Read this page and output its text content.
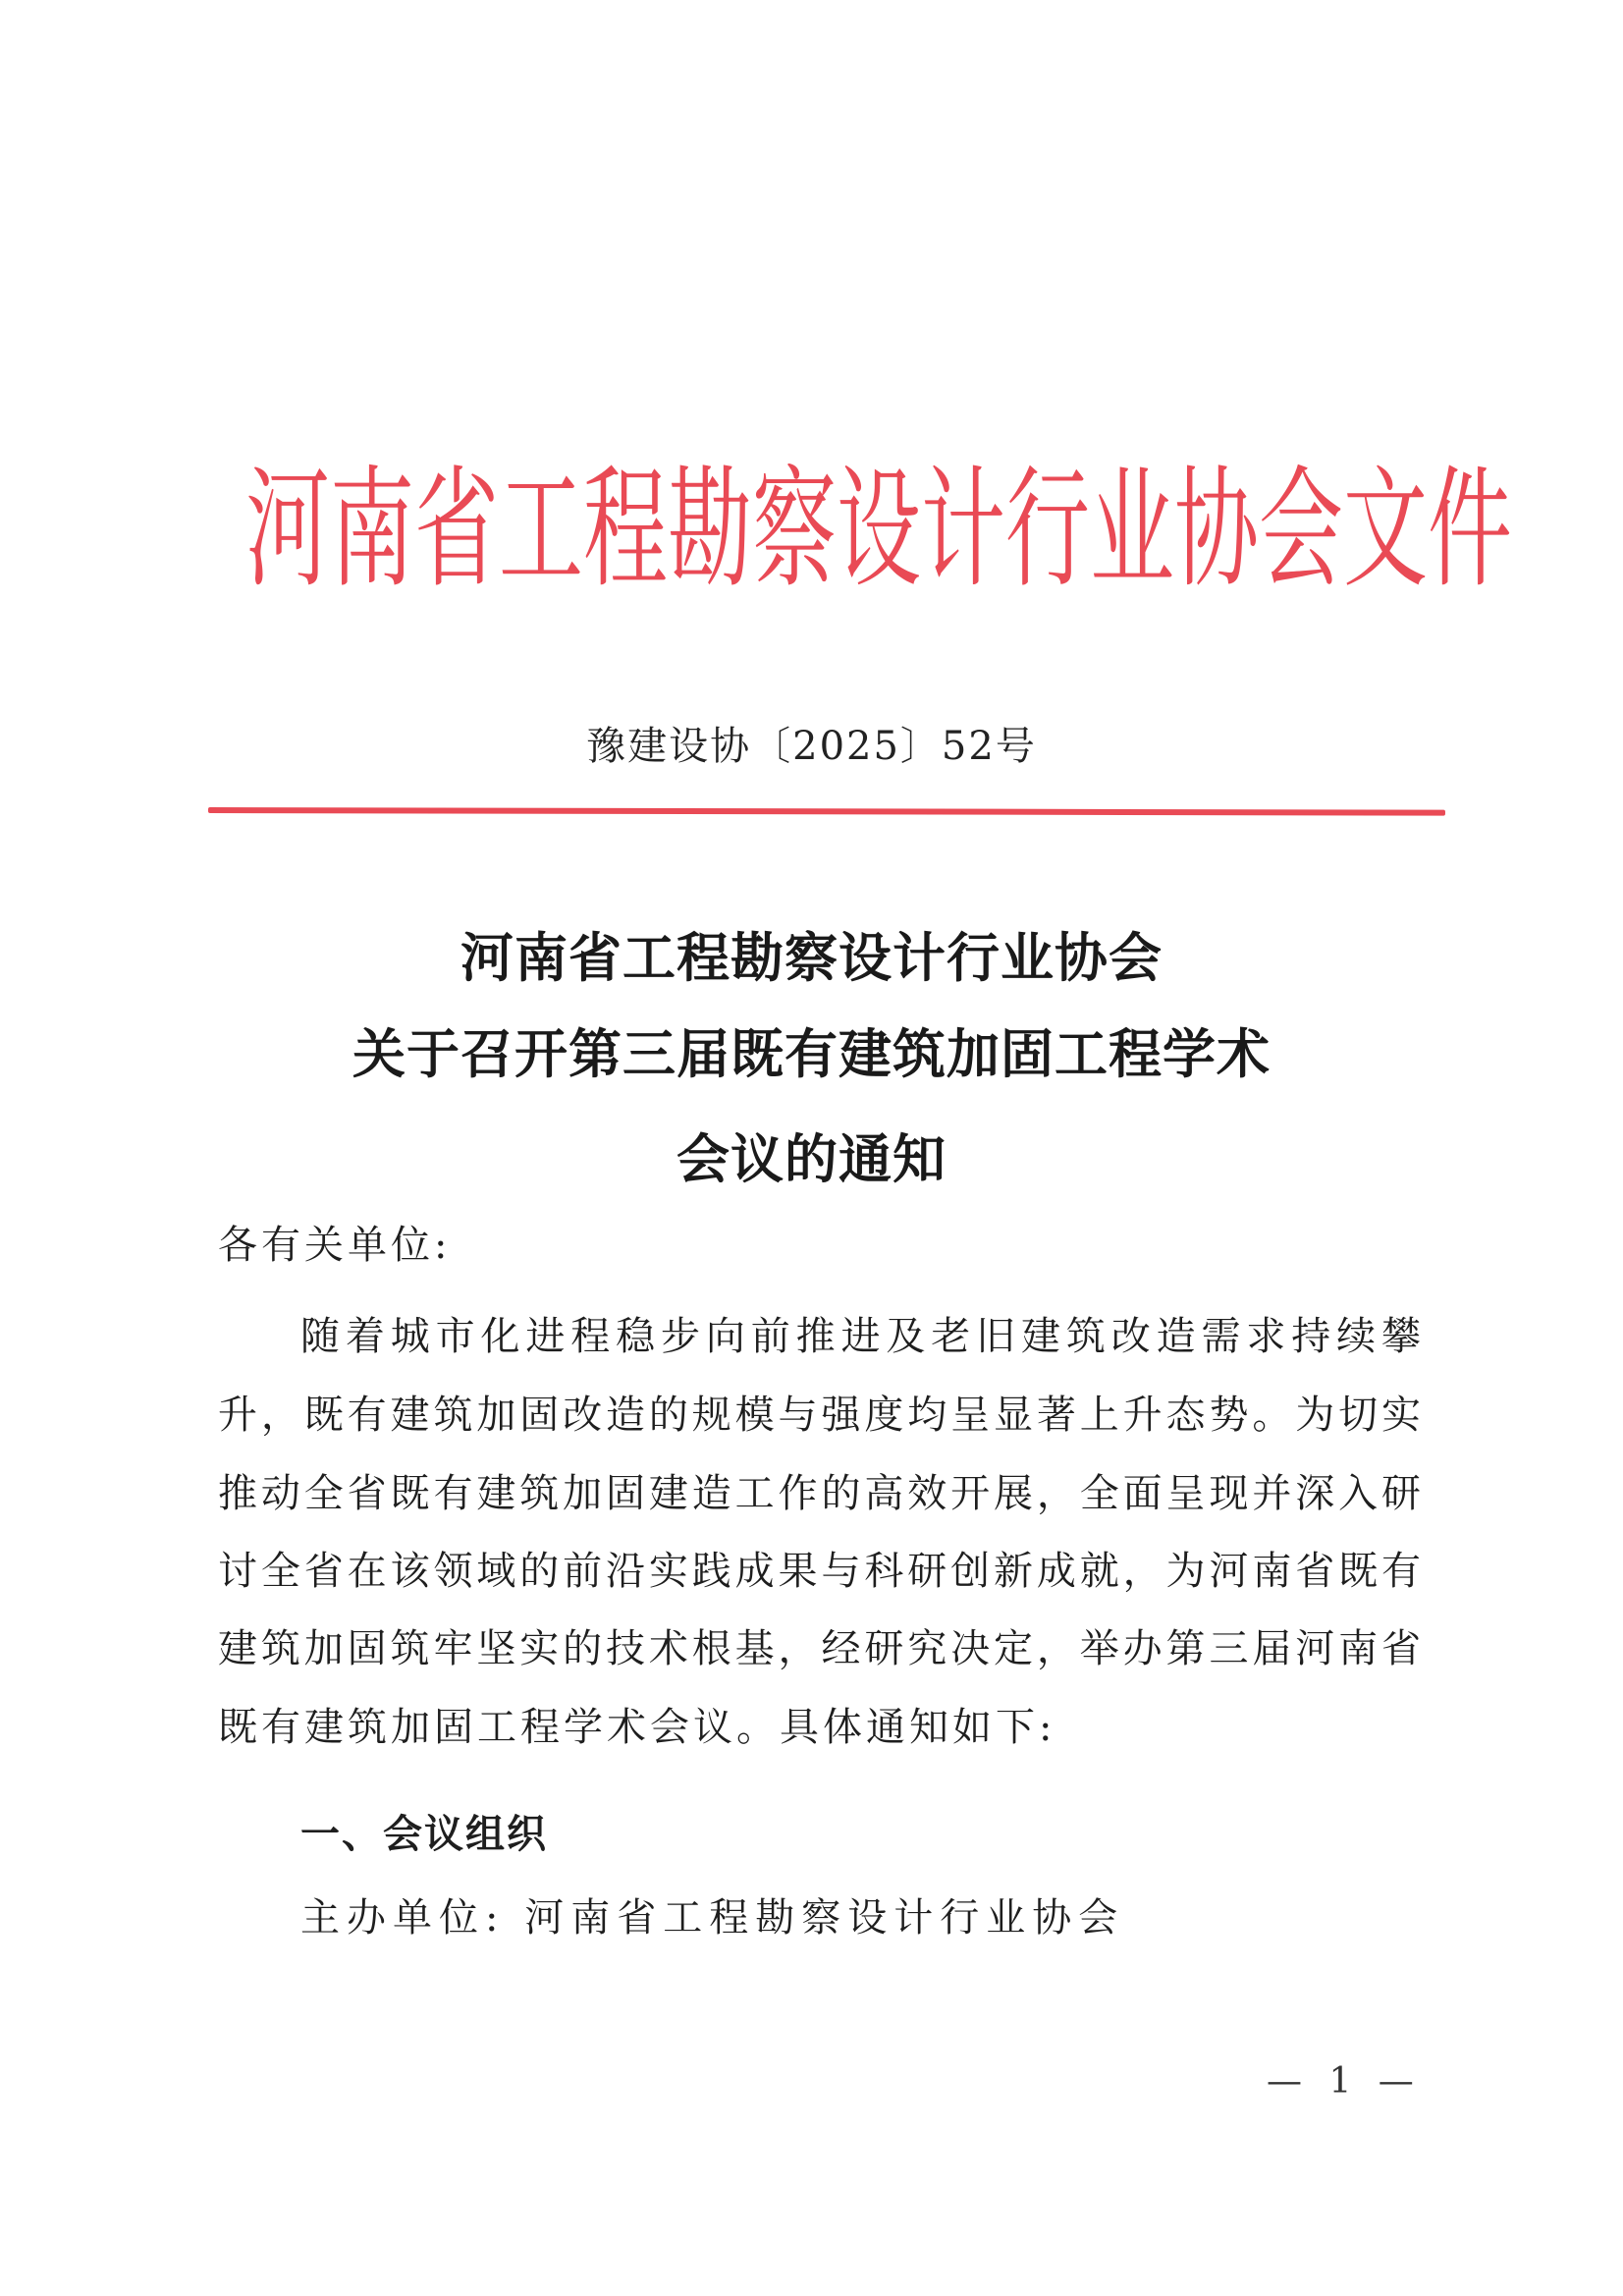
河南省工程勘察设计行业协会文件
豫建设协〔2025〕52号
河南省工程勘察设计行业协会
关于召开第三届既有建筑加固工程学术
会议的通知
各有关单位:
随着城市化进程稳步向前推进及老旧建筑改造需求持续攀
升，既有建筑加固改造的规模与强度均呈显著上升态势。为切实
推动全省既有建筑加固建造工作的高效开展，全面呈现并深入研
讨全省在该领域的前沿实践成果与科研创新成就，为河南省既有
建筑加固筑牢坚实的技术根基，经研究决定，举办第三届河南省
既有建筑加固工程学术会议。具体通知如下:
一、会议组织
主办单位: 河南省工程勘察设计行业协会
— 1 —
